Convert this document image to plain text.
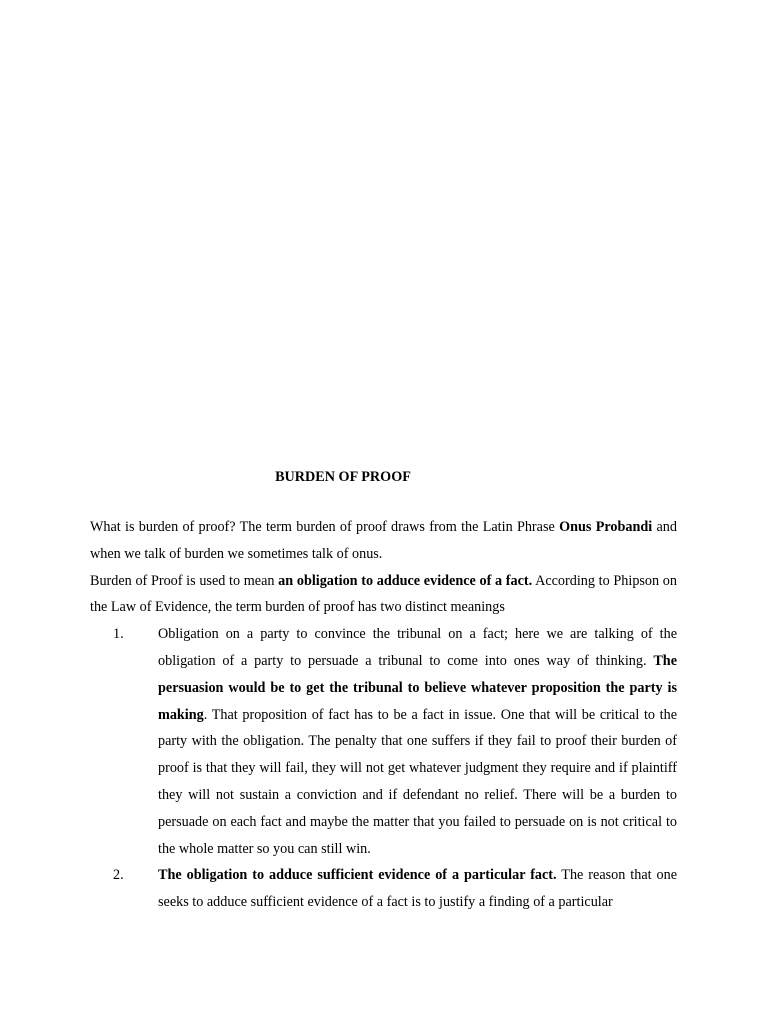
BURDEN OF PROOF

What is burden of proof? The term burden of proof draws from the Latin Phrase Onus Probandi and when we talk of burden we sometimes talk of onus.

Burden of Proof is used to mean an obligation to adduce evidence of a fact. According to Phipson on the Law of Evidence, the term burden of proof has two distinct meanings

1. Obligation on a party to convince the tribunal on a fact; here we are talking of the obligation of a party to persuade a tribunal to come into ones way of thinking. The persuasion would be to get the tribunal to believe whatever proposition the party is making. That proposition of fact has to be a fact in issue. One that will be critical to the party with the obligation. The penalty that one suffers if they fail to proof their burden of proof is that they will fail, they will not get whatever judgment they require and if plaintiff they will not sustain a conviction and if defendant no relief. There will be a burden to persuade on each fact and maybe the matter that you failed to persuade on is not critical to the whole matter so you can still win.
2. The obligation to adduce sufficient evidence of a particular fact. The reason that one seeks to adduce sufficient evidence of a fact is to justify a finding of a particular
